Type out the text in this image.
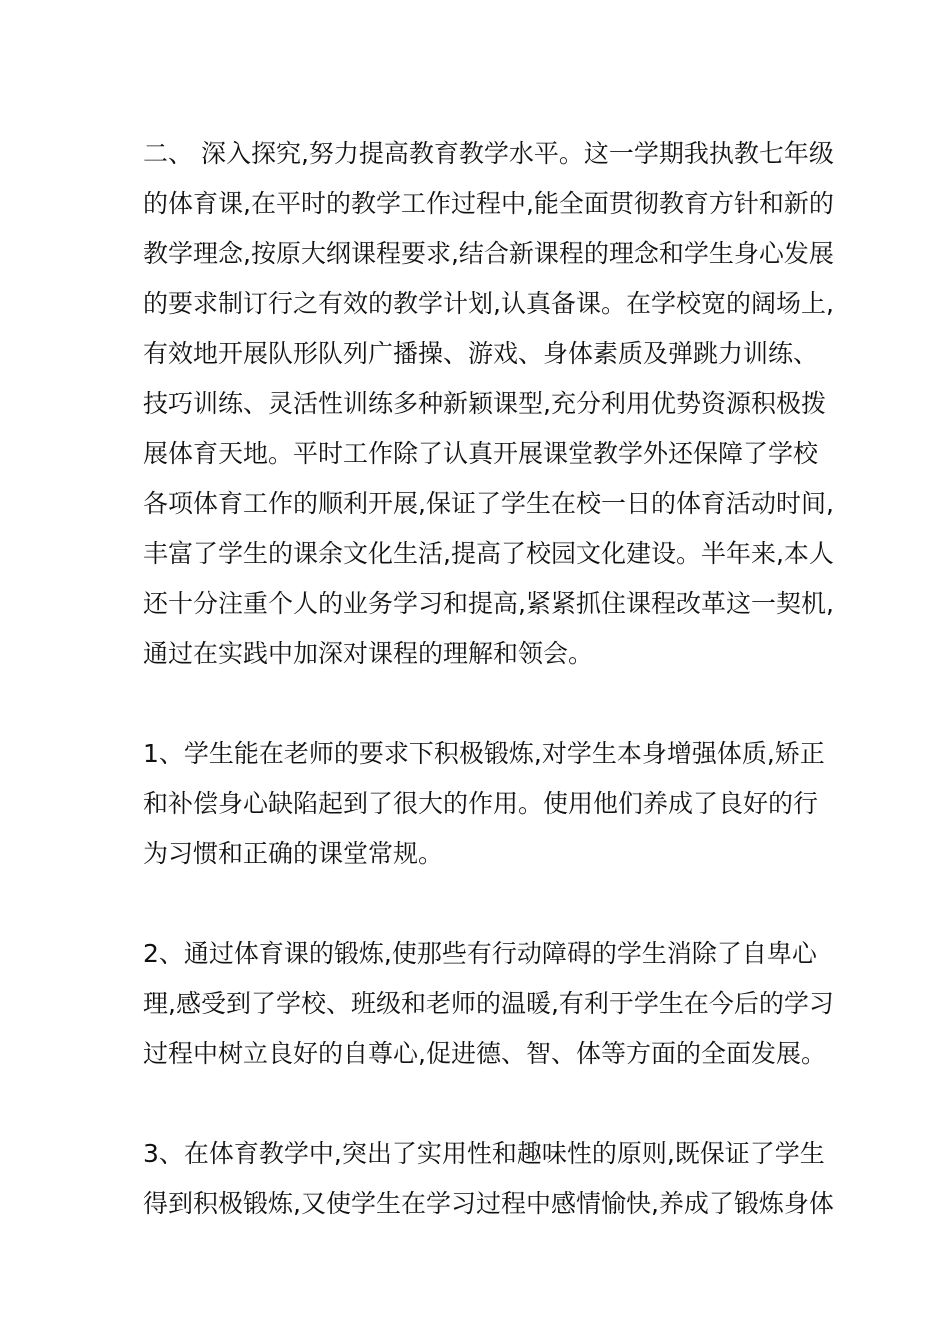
二、 深入探究,努力提高教育教学水平。这一学期我执教七年级
的体育课,在平时的教学工作过程中,能全面贯彻教育方针和新的
教学理念,按原大纲课程要求,结合新课程的理念和学生身心发展
的要求制订行之有效的教学计划,认真备课。在学校宽的阔场上,
有效地开展队形队列广播操、游戏、身体素质及弹跳力训练、
技巧训练、灵活性训练多种新颖课型,充分利用优势资源积极拨
展体育天地。平时工作除了认真开展课堂教学外还保障了学校
各项体育工作的顺利开展,保证了学生在校一日的体育活动时间,
丰富了学生的课余文化生活,提高了校园文化建设。半年来,本人
还十分注重个人的业务学习和提高,紧紧抓住课程改革这一契机,
通过在实践中加深对课程的理解和领会。
1、学生能在老师的要求下积极锻炼,对学生本身增强体质,矫正
和补偿身心缺陷起到了很大的作用。使用他们养成了良好的行
为习惯和正确的课堂常规。
2、通过体育课的锻炼,使那些有行动障碍的学生消除了自卑心
理,感受到了学校、班级和老师的温暖,有利于学生在今后的学习
过程中树立良好的自尊心,促进德、智、体等方面的全面发展。
3、在体育教学中,突出了实用性和趣味性的原则,既保证了学生
得到积极锻炼,又使学生在学习过程中感情愉快,养成了锻炼身体
